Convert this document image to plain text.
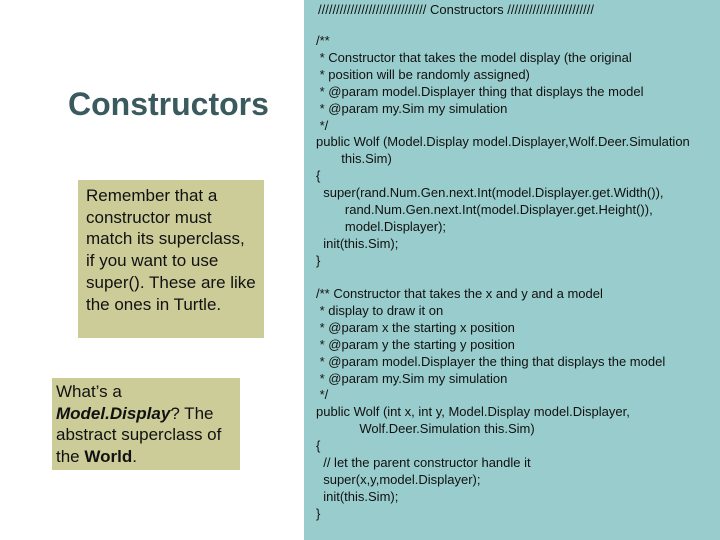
Constructors
Remember that a constructor must match its superclass, if you want to use super(). These are like the ones in Turtle.
What’s a Model.Display? The abstract superclass of the World.
////////////////////////////// Constructors ////////////////////////
/**
* Constructor that takes the model display (the original
* position will be randomly assigned)
* @param model.Displayer thing that displays the model
* @param my.Sim my simulation
*/
public Wolf (Model.Display model.Displayer,Wolf.Deer.Simulation
this.Sim)
{
super(rand.Num.Gen.next.Int(model.Displayer.get.Width()),
rand.Num.Gen.next.Int(model.Displayer.get.Height()),
model.Displayer);
init(this.Sim);
}
/** Constructor that takes the x and y and a model
* display to draw it on
* @param x the starting x position
* @param y the starting y position
* @param model.Displayer the thing that displays the model
* @param my.Sim my simulation
*/
public Wolf (int x, int y, Model.Display model.Displayer,
Wolf.Deer.Simulation this.Sim)
{
// let the parent constructor handle it
super(x,y,model.Displayer);
init(this.Sim);
}
